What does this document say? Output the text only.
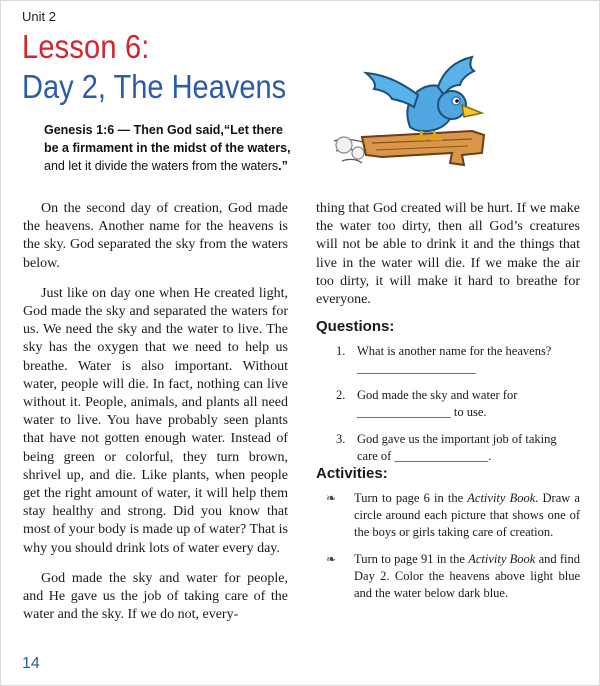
Unit 2
Lesson 6:
Day 2, The Heavens
Genesis 1:6 — Then God said,“Let there be a firmament in the midst of the waters, and let it divide the waters from the waters.”

On the second day of creation, God made the heavens. Another name for the heavens is the sky. God separated the sky from the waters below.

Just like on day one when He created light, God made the sky and separated the waters for us. We need the sky and the water to live. The sky has the oxygen that we need to help us breathe. Water is also important. Without water, people will die. In fact, nothing can live without it. People, animals, and plants all need water to live. You have probably seen plants that have not gotten enough water. Instead of being green or colorful, they turn brown, shrivel up, and die. Like plants, when people get the right amount of water, it will help them stay healthy and strong. Did you know that most of your body is made up of water? That is why you should drink lots of water every day.

God made the sky and water for people, and He gave us the job of taking care of the water and the sky. If we do not, every-

thing that God created will be hurt. If we make the water too dirty, then all God’s creatures will not be able to drink it and the things that live in the water will die. If we make the air too dirty, it will make it hard to breathe for everyone.

Questions:
1. What is another name for the heavens?
___________________
2. God made the sky and water for
_______________ to use.
3. God gave us the important job of taking care of _______________.
Activities:
❧	Turn to page 6 in the Activity Book. Draw a circle around each picture that shows one of the boys or girls taking care of creation.
❧	Turn to page 91 in the Activity Book and find Day 2. Color the heavens above light blue and the water below dark blue.
14
